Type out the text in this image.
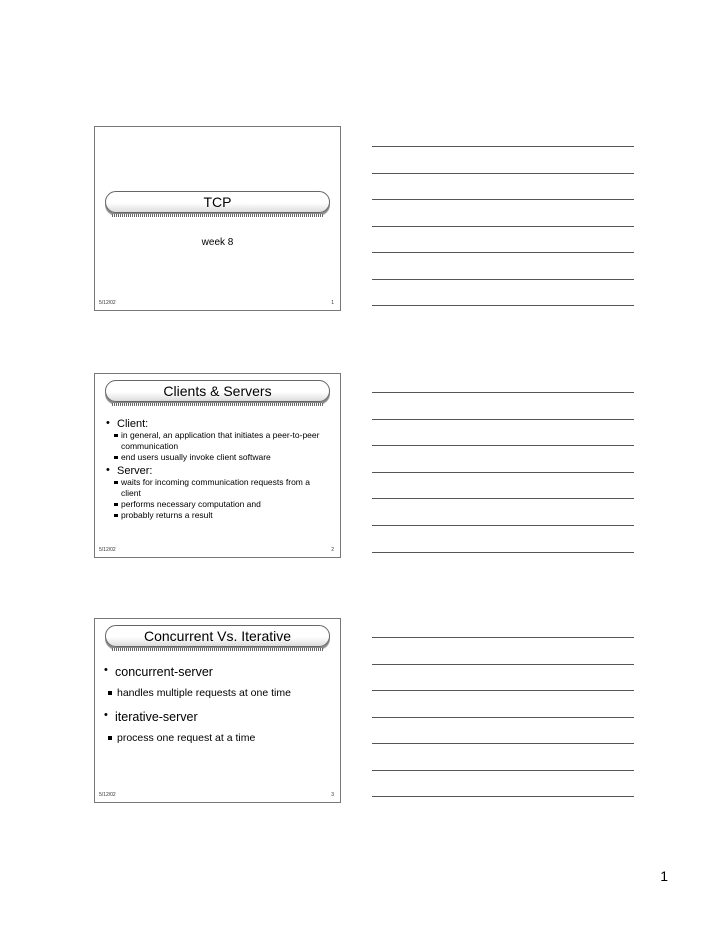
TCP
week 8
5/12/02	1
Clients & Servers
• Client:
in general, an application that initiates a peer-to-peer communication
end users usually invoke client software
• Server:
waits for incoming communication requests from a client
performs necessary computation and
probably returns a result
5/12/02	2
Concurrent Vs. Iterative
• concurrent-server
handles multiple requests at one time
• iterative-server
process one request at a time
5/12/02	3
1
